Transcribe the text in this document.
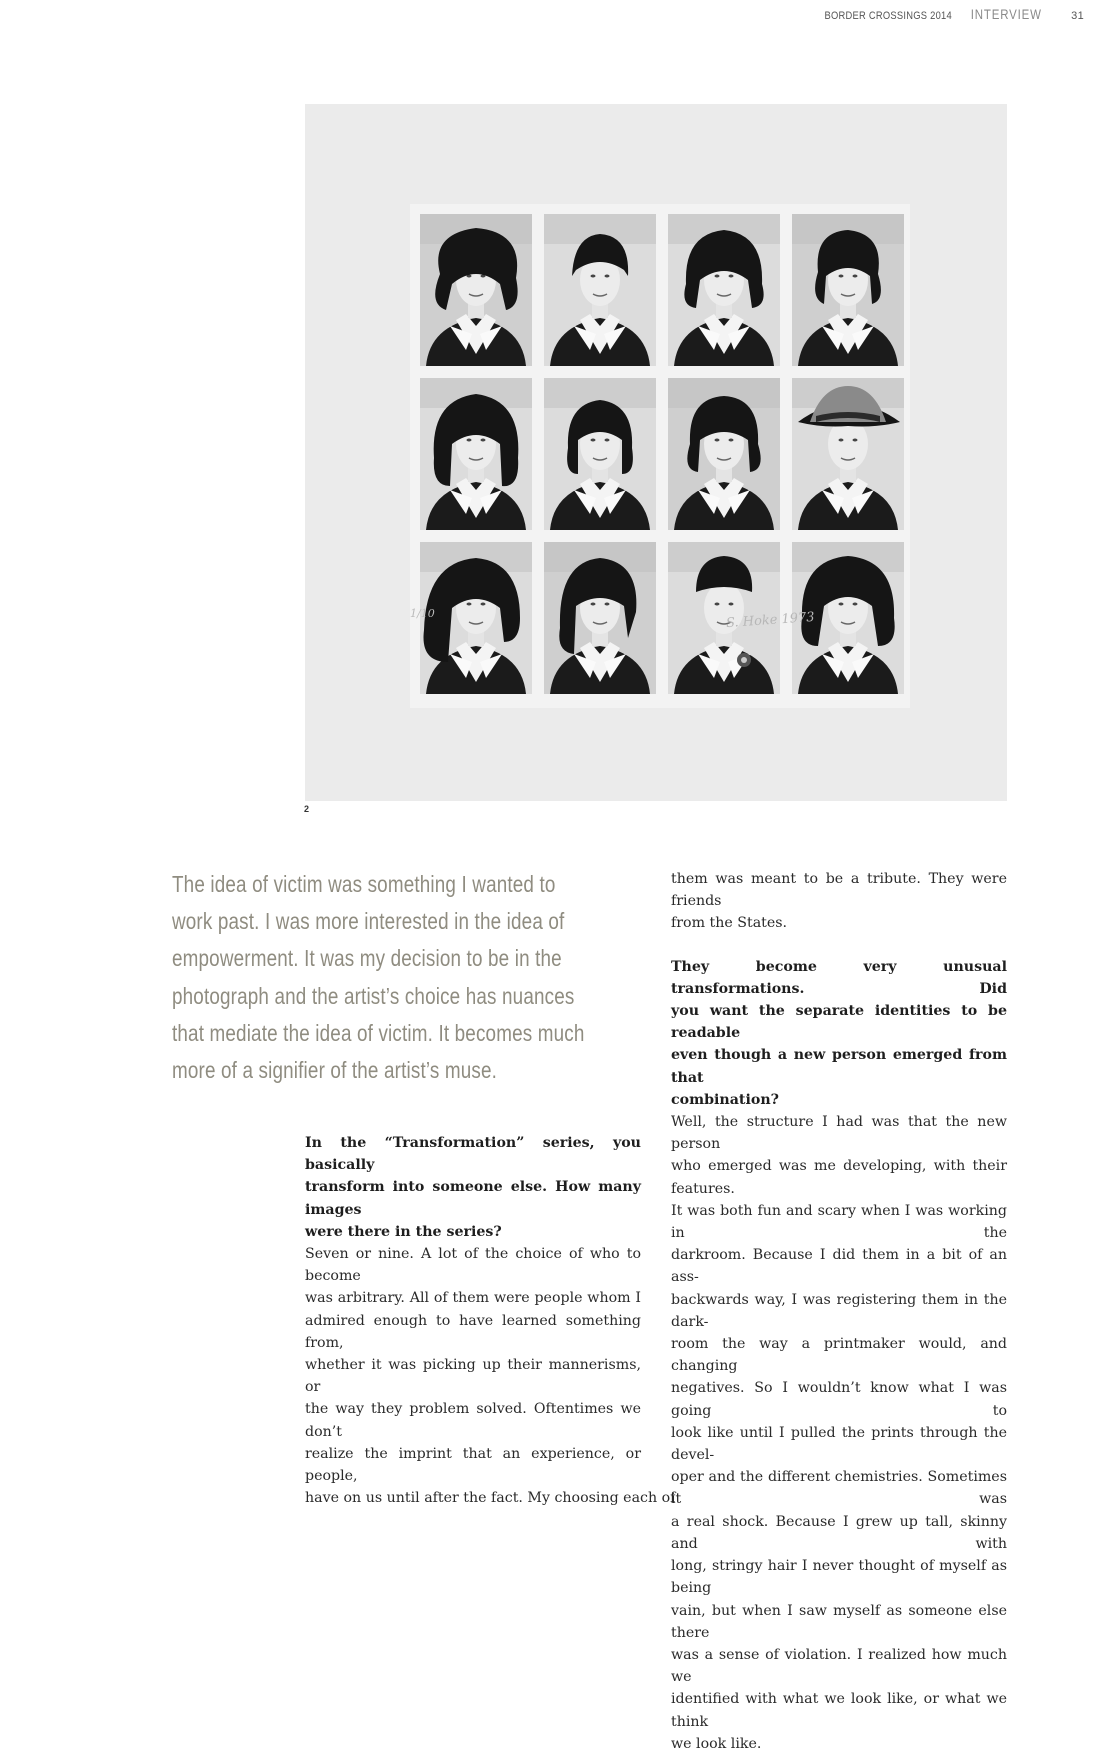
BORDER CROSSINGS 2014 INTERVIEW	31
1/10	S. Hoke 1973
2
The idea of victim was something I wanted to
work past. I was more interested in the idea of
empowerment. It was my decision to be in the
photograph and the artist’s choice has nuances
that mediate the idea of victim. It becomes much
more of a signifier of the artist’s muse.
In the “Transformation” series, you basically
transform into someone else. How many images
were there in the series?
Seven or nine. A lot of the choice of who to become
was arbitrary. All of them were people whom I
admired enough to have learned something from,
whether it was picking up their mannerisms, or
the way they problem solved. Oftentimes we don’t
realize the imprint that an experience, or people,
have on us until after the fact. My choosing each of
them was meant to be a tribute. They were friends
from the States.
They become very unusual transformations. Did
you want the separate identities to be readable
even though a new person emerged from that
combination?
Well, the structure I had was that the new person
who emerged was me developing, with their features.
It was both fun and scary when I was working in the
darkroom. Because I did them in a bit of an ass-
backwards way, I was registering them in the dark-
room the way a printmaker would, and changing
negatives. So I wouldn’t know what I was going to
look like until I pulled the prints through the devel-
oper and the different chemistries. Sometimes it was
a real shock. Because I grew up tall, skinny and with
long, stringy hair I never thought of myself as being
vain, but when I saw myself as someone else there
was a sense of violation. I realized how much we
identified with what we look like, or what we think
we look like.
